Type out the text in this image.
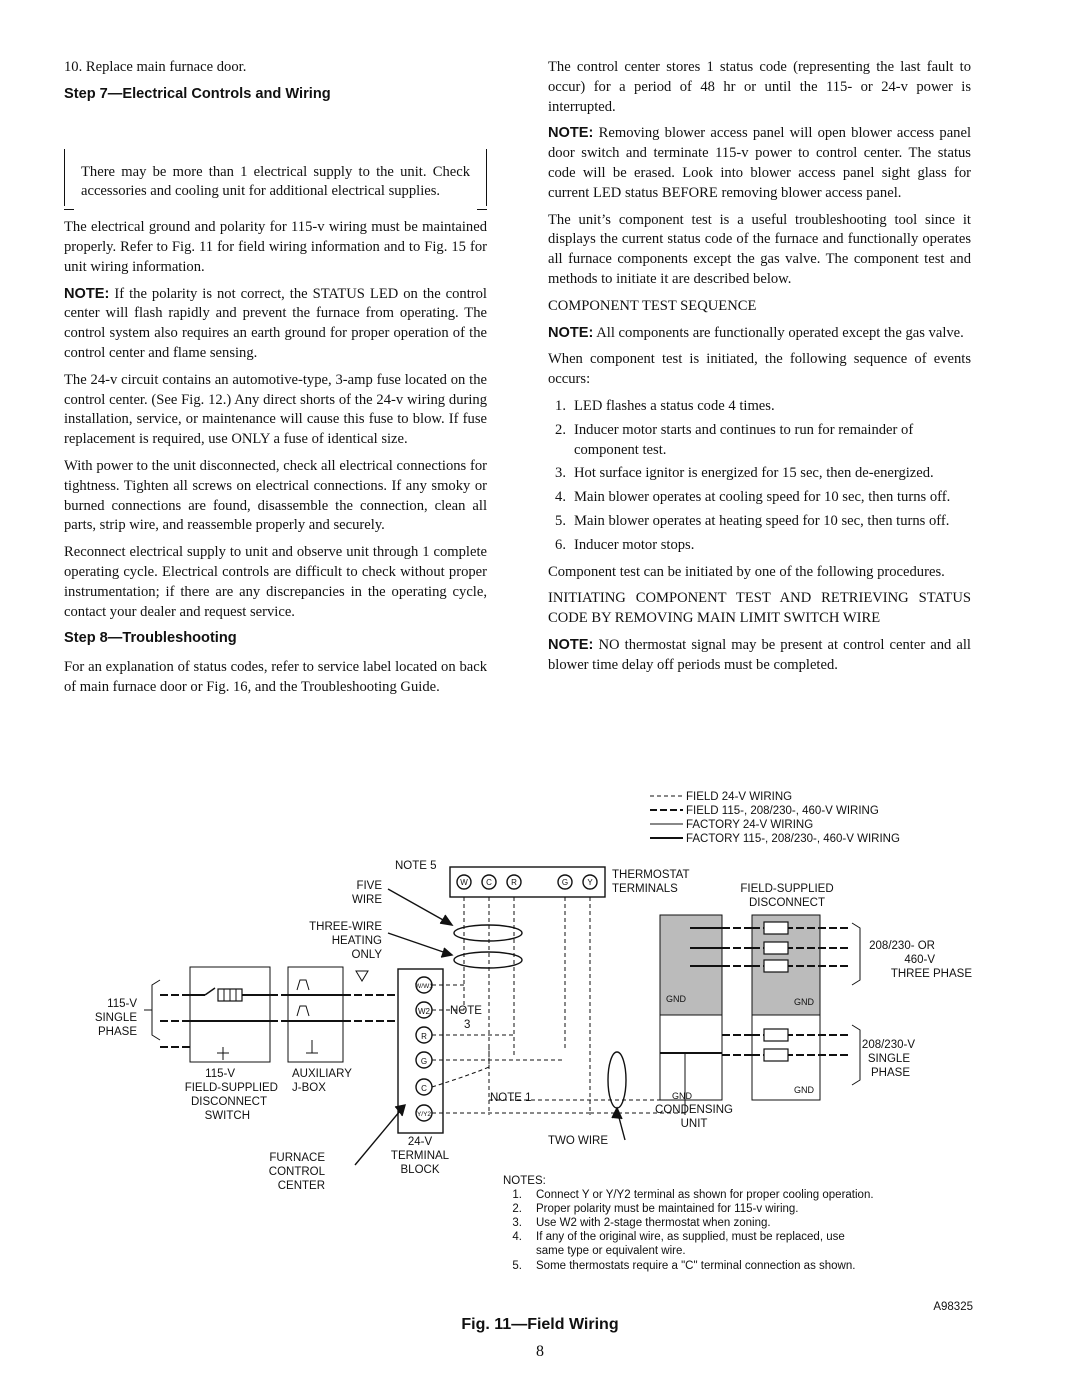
10. Replace main furnace door.

Step 7—Electrical Controls and Wiring

There may be more than 1 electrical supply to the unit. Check accessories and cooling unit for additional electrical supplies.

The electrical ground and polarity for 115-v wiring must be maintained properly. Refer to Fig. 11 for field wiring information and to Fig. 15 for unit wiring information.

NOTE: If the polarity is not correct, the STATUS LED on the control center will flash rapidly and prevent the furnace from operating. The control system also requires an earth ground for proper operation of the control center and flame sensing.

The 24-v circuit contains an automotive-type, 3-amp fuse located on the control center. (See Fig. 12.) Any direct shorts of the 24-v wiring during installation, service, or maintenance will cause this fuse to blow. If fuse replacement is required, use ONLY a fuse of identical size.

With power to the unit disconnected, check all electrical connections for tightness. Tighten all screws on electrical connections. If any smoky or burned connections are found, disassemble the connection, clean all parts, strip wire, and reassemble properly and securely.

Reconnect electrical supply to unit and observe unit through 1 complete operating cycle. Electrical controls are difficult to check without proper instrumentation; if there are any discrepancies in the operating cycle, contact your dealer and request service.

Step 8—Troubleshooting

For an explanation of status codes, refer to service label located on back of main furnace door or Fig. 16, and the Troubleshooting Guide.

The control center stores 1 status code (representing the last fault to occur) for a period of 48 hr or until the 115- or 24-v power is interrupted.

NOTE: Removing blower access panel will open blower access panel door switch and terminate 115-v power to control center. The status code will be erased. Look into blower access panel sight glass for current LED status BEFORE removing blower access panel.

The unit’s component test is a useful troubleshooting tool since it displays the current status code of the furnace and functionally operates all furnace components except the gas valve. The component test and methods to initiate it are described below.

COMPONENT TEST SEQUENCE

NOTE: All components are functionally operated except the gas valve.

When component test is initiated, the following sequence of events occurs:

1. LED flashes a status code 4 times.
2. Inducer motor starts and continues to run for remainder of component test.
3. Hot surface ignitor is energized for 15 sec, then de-energized.
4. Main blower operates at cooling speed for 10 sec, then turns off.
5. Main blower operates at heating speed for 10 sec, then turns off.
6. Inducer motor stops.

Component test can be initiated by one of the following procedures.

INITIATING COMPONENT TEST AND RETRIEVING STATUS CODE BY REMOVING MAIN LIMIT SWITCH WIRE

NOTE: NO thermostat signal may be present at control center and all blower time delay off periods must be completed.

FIELD 24-V WIRING
FIELD 115-, 208/230-, 460-V WIRING
FACTORY 24-V WIRING
FACTORY 115-, 208/230-, 460-V WIRING
NOTE 5
FIVE
WIRE
THREE-WIRE
HEATING
ONLY
W C R	G Y
THERMOSTAT
TERMINALS	FIELD-SUPPLIED
DISCONNECT
208/230- OR
460-V
THREE PHASE
208/230-V
SINGLE
PHASE
GND	GND
GND
GND
115-V
SINGLE
PHASE
W/W1
W2
R
G
C
Y/Y2
NOTE
3
NOTE 1
115-V
FIELD-SUPPLIED
DISCONNECT
SWITCH
AUXILIARY
J-BOX
24-V
TERMINAL
BLOCK
FURNACE
CONTROL
CENTER
CONDENSING
UNIT
TWO WIRE
NOTES:
1. Connect Y or Y/Y2 terminal as shown for proper cooling operation.
2. Proper polarity must be maintained for 115-v wiring.
3. Use W2 with 2-stage thermostat when zoning.
4. If any of the original wire, as supplied, must be replaced, use
same type or equivalent wire.
5. Some thermostats require a "C" terminal connection as shown.
A98325
Fig. 11—Field Wiring
8
